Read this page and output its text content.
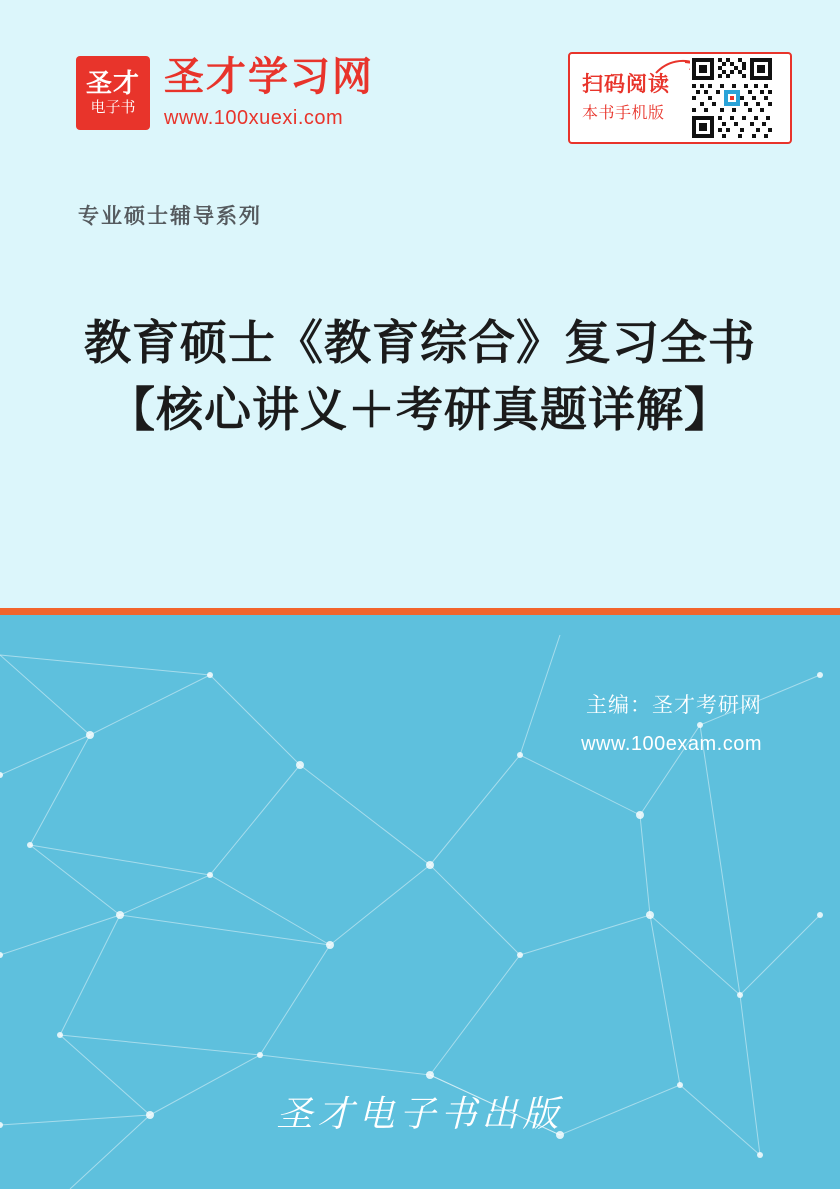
圣才
电子书
圣才学习网
www.100xuexi.com
扫码阅读
本书手机版
专业硕士辅导系列
教育硕士《教育综合》复习全书【核心讲义＋考研真题详解】
主编：圣才考研网
www.100exam.com
圣才电子书出版
